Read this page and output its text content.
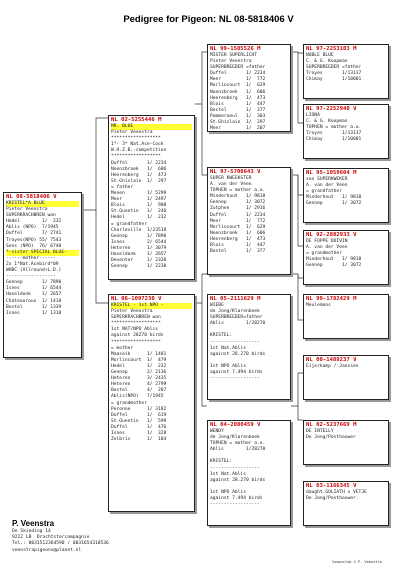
Pedigree for Pigeon: NL 08-5818406 V
NL 08-5818406 V
KRISTEL*A BLUE
Pieter Veenstra
SUPERKRACHBREN won
Hedel        1/  232
Ablis (NPO)  7/1945
Duffel       7/ 2741
Troyes(NPO) 55/ 7543
Sens (NPO)  76/ 6740
*-sister SPECIAL BLUE-
------mother------
2x 1*Nat.Acebird*09
WHBC (Allround+L.D.)
------------------
Gennep       1/ 7890
Isnes        1/ 6544
Haseldonk    1/ 2657
Chateauroux  1/ 1418
Bostel       1/ 1339
Isnes        1/ 1318
NL 02-5255446 M
MR. BLUE
Pieter Veenstra
******************
1*- 3* Nat.Ace-Cock
W.H.Z.B.-competition
******************
Duffel       1/ 2234
Noenzbroek   1/  606
Heerenberg   1/  473
St.Ghislain  1/  297
= father
Menen        1/ 5299
Meer         1/ 2497
Blois        1/  908
St.Quentin   1/  246
Hedel        1/  232
= grandfather
Charleville  1/23518
Gennep       1/ 7890
Isnes        2/ 6544
Heteren      1/ 3079
Haseldonk    1/ 2657
Deventer     1/ 2328
Gennep       1/ 2238
NL 06-1097230 V
KRISTEL - 1st NPO -
Pieter Veenstra
SUPERKRACHBREN won
******************
1st NAT/NPO Ablis
against 28270 birds
******************
= mother
Maaseik      1/ 1481
Morlincourt  1/  479
Hedel        1/  232
Gennep       2/ 2136
Heteren      3/ 2435
Heteren      4/ 2799
Bostel       4/  287
Ablis(NPO)   7/1945
= grandmother
Peronne      1/ 3182
Duffel       1/  619
St.Quentin   1/  599
Duffel       1/  476
Isnes        1/  328
Zelbris      1/  184
NL 99-1585526 M
MISTER SUPERLICHT
Pieter Veenstra
SUPERBREEDER =father
Duffel       1/ 2234
Meer         1/  772
Morlincourt  1/  629
Noenzbroek   1/  606
Heerenberg   1/  473
Blois        1/  447
Bostel       1/  377
Pommeroeul   1/  303
St.Ghislain  1/  297
Meer         1/  207
NL 97-5700643 V
SUPER KWEEKSTER
A. van der Veen
TOPHEN = mother a.o.
Minderhout   1/ 9818
Gennep       1/ 3072
Zutphen      1/ 2916
Duffel       1/ 2234
Meer         1/  772
Morlincourt  1/  629
Noenzbroek   1/  606
Heerenberg   1/  473
Blois        1/  447
Bostel       1/  377
NL 05-2111629 M
WIEBE
de Jong/Klarenbeek
SUPERBREEDER=father
Ablis        1/28270
KRISTEL:
------------------
1st Nat.Ablis
against 28.270 birds
1st NPO Ablis
against 7.494 birds
------------------
NL 04-2080459 V
WENDY
de Jong/Klarenbeek
TOPHEN = mother a.o.
Ablis        1/28270
KRISTEL:
------------------
1st Nat.Ablis
against 28.270 birds
1st NPO Ablis
against 7.494 birds
------------------
NL 97-2253103 M
NOBLE BLUE
C. & G. Koopman
SUPERBREEDER =father
Troyes       1/13137
Chimay       1/10001
NL 97-2252940 V
LIONA
C. & G. Koopman
TOPHEN = mother a.o.
Troyes       1/13137
Chimay       1/10001
NL 95-1059604 M
son SUPERKWEKER
A. van der Veen
= grandfather
Minderhout   1/ 9818
Gennep       1/ 3072
NL 92-2882933 V
DE FOPPE DUIVIN
A. van der Veen
= grandmother
Minderhout   1/ 9818
Gennep       1/ 3072
NL 99-1782429 M
Meulemans
NL 00-1489237 V
Eijerkamp / Janssen
NL 02-5237669 M
DE INTELLY
De Jong/Posthouwer
NL 03-1166345 V
daught.GOLIATH x VETJE
De Jong/Posthouwer.
P. Veenstra
De Skieding 14
9222 LB  Drachtstercompagnie
Tel.: 0031512364590 / 0031654318536
veenstrapigeons@planet.nl
Compuclub © P. Veenstra
